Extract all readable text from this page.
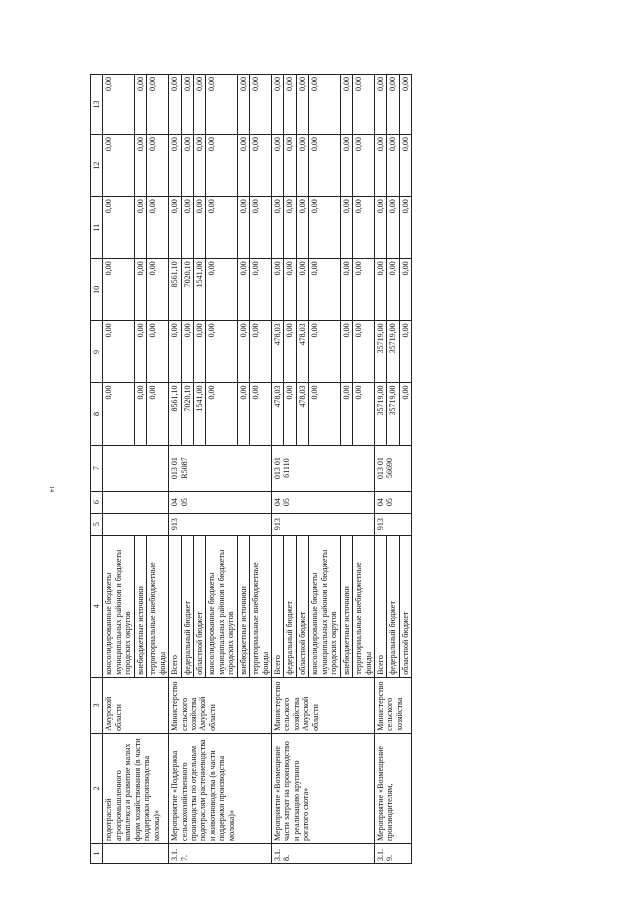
14
1	2	3	4	5	6	7	8	9	10	11	12	13
	подотраслей агропромышленного комплекса и развитие малых форм хозяйствования (в части поддержки производства молока)»	Амурской области	консолидированные бюджеты муниципальных районов и бюджеты городских округов				0,00	0,00	0,00	0,00	0,00	0,00
			внебюджетные источники				0,00	0,00	0,00	0,00	0,00	0,00
			территориальные внебюджетные фонды				0,00	0,00	0,00	0,00	0,00	0,00
3.1.7.	Мероприятие «Поддержка сельскохозяйственного производства по отдельным подотраслям растениеводства и животноводства (в части поддержки производства молока)»	Министерство сельского хозяйства Амурской области	Всего	913	04 05	013 01 R5087	8561,10	0,00	8561,10	0,00	0,00	0,00
			федеральный бюджет				7020,10	0,00	7020,10	0,00	0,00	0,00
			областной бюджет				1541,00	0,00	1541,00	0,00	0,00	0,00
			консолидированные бюджеты муниципальных районов и бюджеты городских округов				0,00	0,00	0,00	0,00	0,00	0,00
			внебюджетные источники				0,00	0,00	0,00	0,00	0,00	0,00
			территориальные внебюджетные фонды				0,00	0,00	0,00	0,00	0,00	0,00
3.1.8.	Мероприятие «Возмещение части затрат на производство и реализацию крупного рогатого скота»	Министерство сельского хозяйства Амурской области	Всего	913	04 05	013 01 61110	478,03	478,03	0,00	0,00	0,00	0,00
			федеральный бюджет				0,00	0,00	0,00	0,00	0,00	0,00
			областной бюджет				478,03	478,03	0,00	0,00	0,00	0,00
			консолидированные бюджеты муниципальных районов и бюджеты городских округов				0,00	0,00	0,00	0,00	0,00	0,00
			внебюджетные источники				0,00	0,00	0,00	0,00	0,00	0,00
			территориальные внебюджетные фонды				0,00	0,00	0,00	0,00	0,00	0,00
3.1.9.	Мероприятие «Возмещение производителям,	Министерство сельского хозяйства	Всего	913	04 05	013 01 56690	35719,00	35719,00	0,00	0,00	0,00	0,00
			федеральный бюджет				35719,00	35719,00	0,00	0,00	0,00	0,00
			областной бюджет				0,00	0,00	0,00	0,00	0,00	0,00
